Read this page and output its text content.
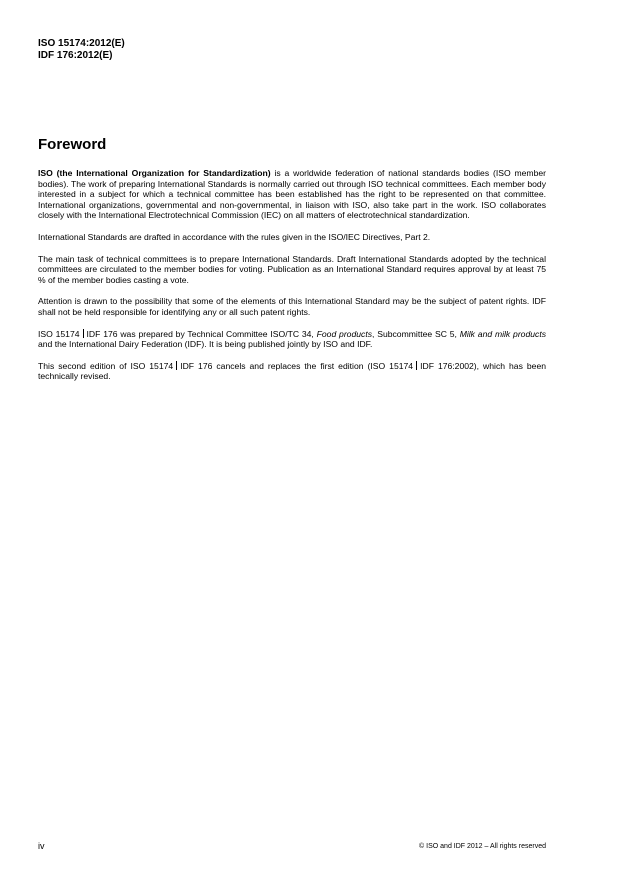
ISO 15174:2012(E)
IDF 176:2012(E)
Foreword

ISO (the International Organization for Standardization) is a worldwide federation of national standards bodies (ISO member bodies). The work of preparing International Standards is normally carried out through ISO technical committees. Each member body interested in a subject for which a technical committee has been established has the right to be represented on that committee. International organizations, governmental and non-governmental, in liaison with ISO, also take part in the work. ISO collaborates closely with the International Electrotechnical Commission (IEC) on all matters of electrotechnical standardization.

International Standards are drafted in accordance with the rules given in the ISO/IEC Directives, Part 2.

The main task of technical committees is to prepare International Standards. Draft International Standards adopted by the technical committees are circulated to the member bodies for voting. Publication as an International Standard requires approval by at least 75 % of the member bodies casting a vote.

Attention is drawn to the possibility that some of the elements of this International Standard may be the subject of patent rights. IDF shall not be held responsible for identifying any or all such patent rights.

ISO 15174 IDF 176 was prepared by Technical Committee ISO/TC 34, Food products, Subcommittee SC 5, Milk and milk products and the International Dairy Federation (IDF). It is being published jointly by ISO and IDF.

This second edition of ISO 15174 IDF 176 cancels and replaces the first edition (ISO 15174 IDF 176:2002), which has been technically revised.

iv	© ISO and IDF 2012 – All rights reserved
